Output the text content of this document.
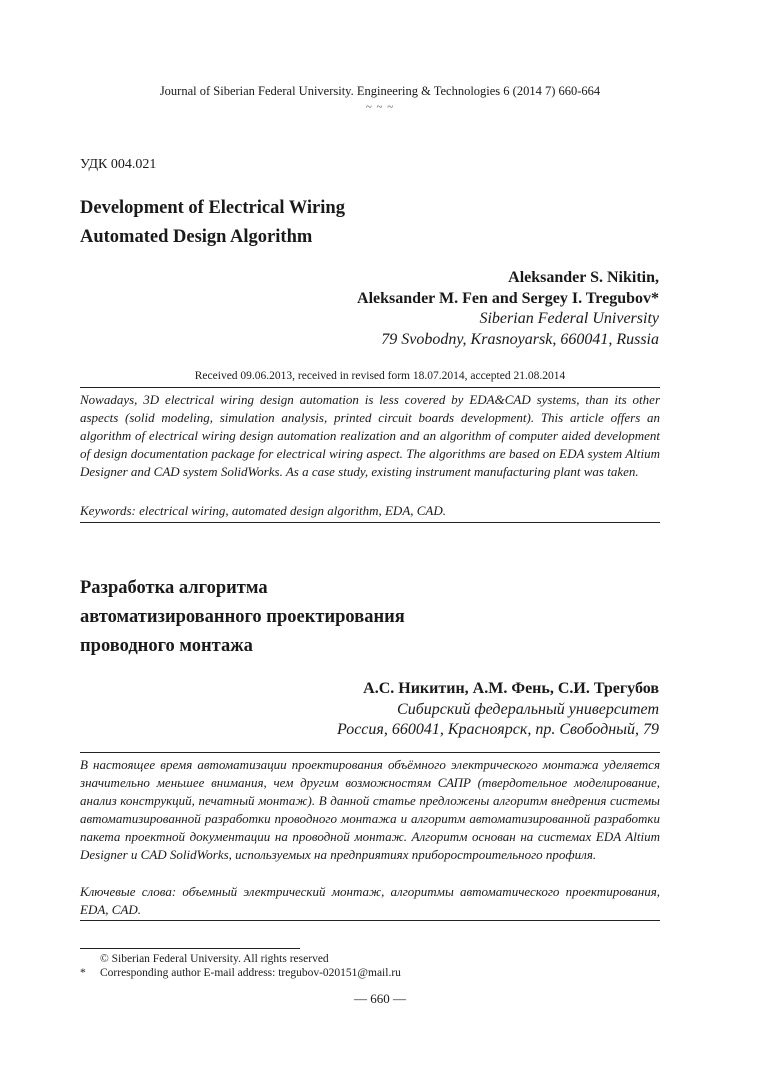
Journal of Siberian Federal University. Engineering & Technologies 6 (2014 7) 660-664
~ ~ ~
УДК 004.021
Development of Electrical Wiring
Automated Design Algorithm
Aleksander S. Nikitin,
Aleksander M. Fen and Sergey I. Tregubov*
Siberian Federal University
79 Svobodny, Krasnoyarsk, 660041, Russia
Received 09.06.2013, received in revised form 18.07.2014, accepted 21.08.2014
Nowadays, 3D electrical wiring design automation is less covered by EDA&CAD systems, than its other aspects (solid modeling, simulation analysis, printed circuit boards development). This article offers an algorithm of electrical wiring design automation realization and an algorithm of computer aided development of design documentation package for electrical wiring aspect. The algorithms are based on EDA system Altium Designer and CAD system SolidWorks. As a case study, existing instrument manufacturing plant was taken.
Keywords: electrical wiring, automated design algorithm, EDA, CAD.
Разработка алгоритма
автоматизированного проектирования
проводного монтажа
А.С. Никитин, А.М. Фень, С.И. Трегубов
Сибирский федеральный университет
Россия, 660041, Красноярск, пр. Свободный, 79
В настоящее время автоматизации проектирования объёмного электрического монтажа уделяется значительно меньшее внимания, чем другим возможностям САПР (твердотельное моделирование, анализ конструкций, печатный монтаж). В данной статье предложены алгоритм внедрения системы автоматизированной разработки проводного монтажа и алгоритм автоматизированной разработки пакета проектной документации на проводной монтаж. Алгоритм основан на системах EDA Altium Designer и CAD SolidWorks, используемых на предприятиях приборостроительного профиля.
Ключевые слова: объемный электрический монтаж, алгоритмы автоматического проектирования, EDA, CAD.
© Siberian Federal University. All rights reserved
* Corresponding author E-mail address: tregubov-020151@mail.ru
— 660 —
